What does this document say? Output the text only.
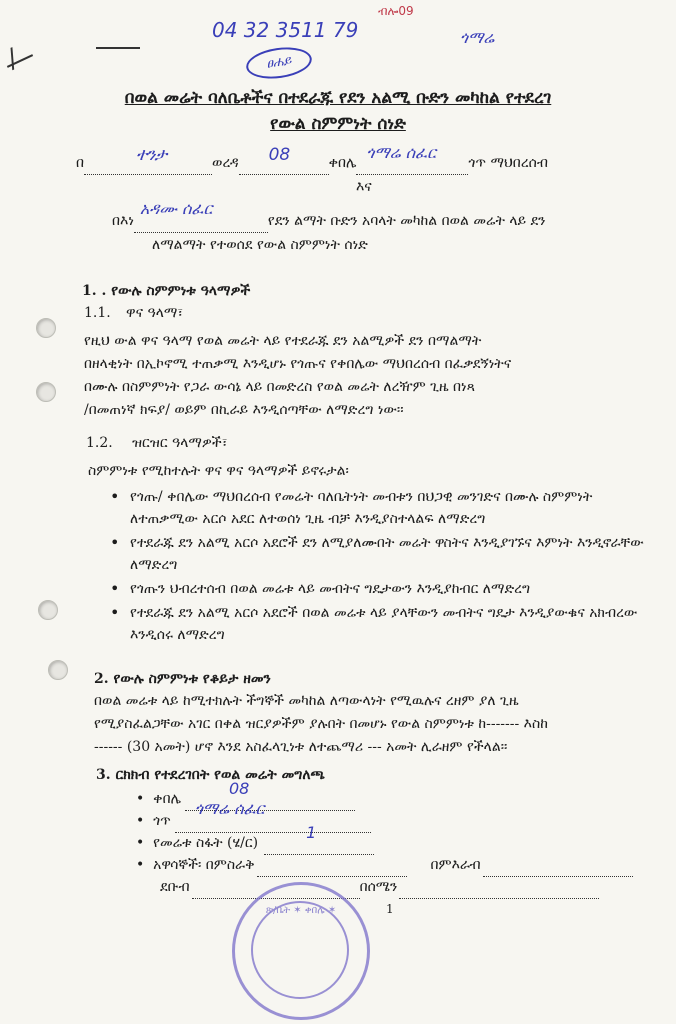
/
04 32 3511 79
ብሎ09
ጎማሬ
ፀሐይ
በወል መሬት ባለቤቶችና በተደራጁ የደን አልሚ ቡድን መካከል የተደረገ
የውል ስምምነት ሰነድ
በ	ተንታ	ወረዳ 08	ቀበሌ
ጎማሬ ሰፈር
ጎጥ ማህበረሰብ
እና
በእነ
አዳሙ ሰፈር
የደን ልማት ቡድን አባላት መካከል በወል መሬት ላይ ደን
ለማልማት የተወሰደ የውል ስምምነት ሰነድ
1. . የውሉ ስምምነቱ ዓላማዎች
1.1. ዋና ዓላማ፣
የዚህ ውል ዋና ዓላማ የወል መሬት ላይ የተደራጁ ደን አልሚዎች ደን በማልማት
በዘላቂነት በኢኮኖሚ ተጠቃሚ እንዲሆኑ የጎጡና የቀበሌው ማህበረሰብ በፈቃደኝነትና
በሙሉ በስምምነት የጋራ ውሳኔ ላይ በመድረስ የወል መሬት ለረዥም ጊዜ በነጻ
/በመጠነኛ ክፍያ/ ወይም በኪራይ እንዲሰጣቸው ለማድረግ ነው፡፡
1.2. ዝርዝር ዓላማዎች፣
ስምምነቱ የሚከተሉት ዋና ዋና ዓላማዎች ይኖሩታል፡
• የጎጡ/ ቀበሌው ማህበረሰብ የመሬት ባለቤትነት መብቱን በህጋዊ መንገድና በሙሉ ስምምነት ለተጠቃሚው አርሶ አደር ለተወሰነ ጊዜ ብቻ እንዲያስተላልፍ ለማድረግ
• የተደራጁ ደን አልሚ አርሶ አደሮች ደን ለሚያለሙበት መሬት ዋስትና እንዲያገኙና እምነት እንዲኖራቸው ለማድረግ
• የጎጡን ህብረተሰብ በወል መሬቱ ላይ መብትና ግዴታውን እንዲያከብር ለማድረግ
• የተደራጁ ደን አልሚ አርሶ አደሮች በወል መሬቱ ላይ ያላቸውን መብትና ግዴታ እንዲያውቁና አክብረው እንዲሰሩ ለማድረግ
2. የውሉ ስምምነቱ የቆይታ ዘመን
በወል መሬቱ ላይ ከሚተክሉት ችግኞች መካከል ለጣውላነት የሚዉሉና ረዘም ያለ ጊዜ
የሚያስፈልጋቸው አገር በቀል ዝርያዎችም ያሉበት በመሆኑ የውል ስምምነቱ ከ------- እስከ
------ (30 አመት) ሆኖ እንደ አስፈላጊነቱ ለተጨማሪ --- አመት ሊራዘም የችላል፡፡
3. ርክክብ የተደረገበት የወል መሬት መግለጫ
•  ቀበሌ
08

•  ጎጥ
ጎማሬ ሰፈር

•  የመሬቱ ስፋት (ሄ/ር)
1

•  አዋሳኞች፡ በምስራቅ	በምእራብ
ደቡብ	በሰሜን
1
ጽ/ቤት ✶ ቀበሌ ✶
